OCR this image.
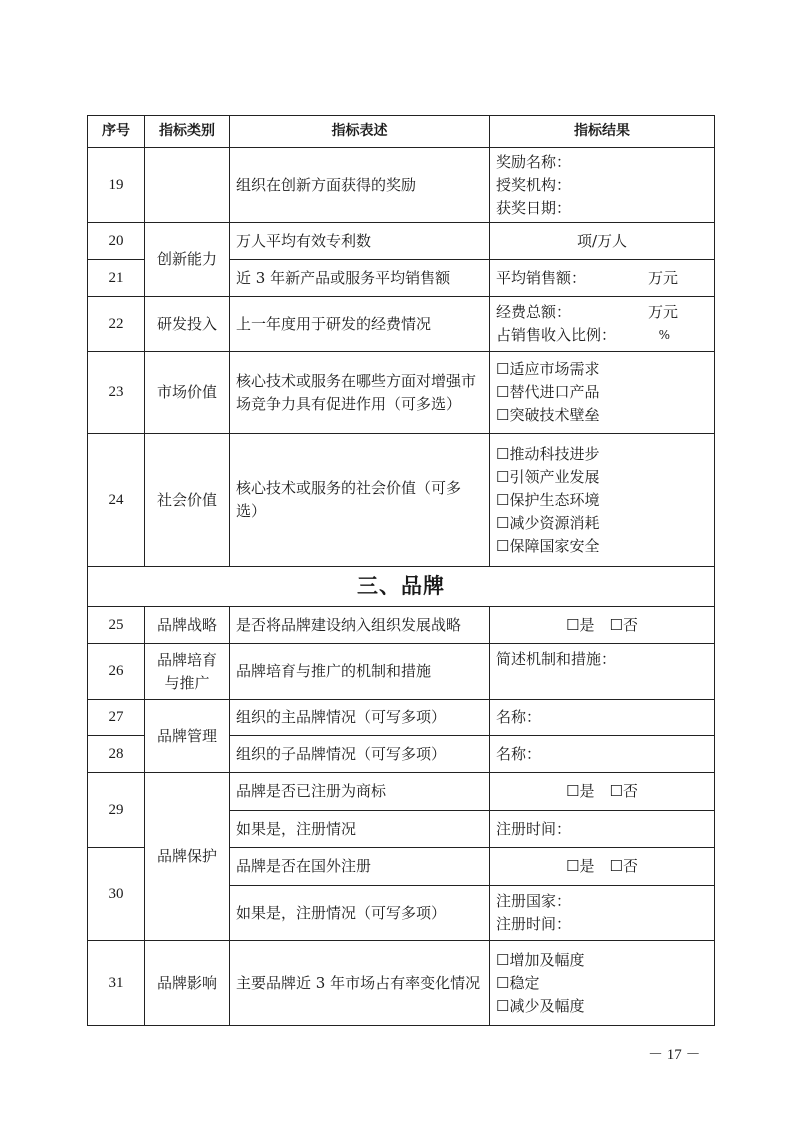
序号	指标类别	指标表述	指标结果
19		组织在创新方面获得的奖励	奖励名称：
授奖机构：
获奖日期：

20	创新能力	万人平均有效专利数	项/万人
21		近 3 年新产品或服务平均销售额	平均销售额： 万元

22	研发投入	上一年度用于研发的经费情况	经费总额： 万元
占销售收入比例： %

23	市场价值	核心技术或服务在哪些方面对增强市场竞争力具有促进作用（可多选）	☐适应市场需求
☐替代进口产品
☐突破技术壁垒

24	社会价值	核心技术或服务的社会价值（可多选）	☐推动科技进步
☐引领产业发展
☐保护生态环境
☐减少资源消耗
☐保障国家安全

三、品牌			
25	品牌战略	是否将品牌建设纳入组织发展战略	☐是　☐否
26	品牌培育与推广	品牌培育与推广的机制和措施	简述机制和措施：
27	品牌管理	组织的主品牌情况（可写多项）	名称：
28		组织的子品牌情况（可写多项）	名称：
29	品牌保护	品牌是否已注册为商标	☐是　☐否
		如果是，注册情况	注册时间：
30		品牌是否在国外注册	☐是　☐否
		如果是，注册情况（可写多项）	注册国家：
注册时间：

31	品牌影响	主要品牌近 3 年市场占有率变化情况	☐增加及幅度
☐稳定
☐减少及幅度
－ 17 －
